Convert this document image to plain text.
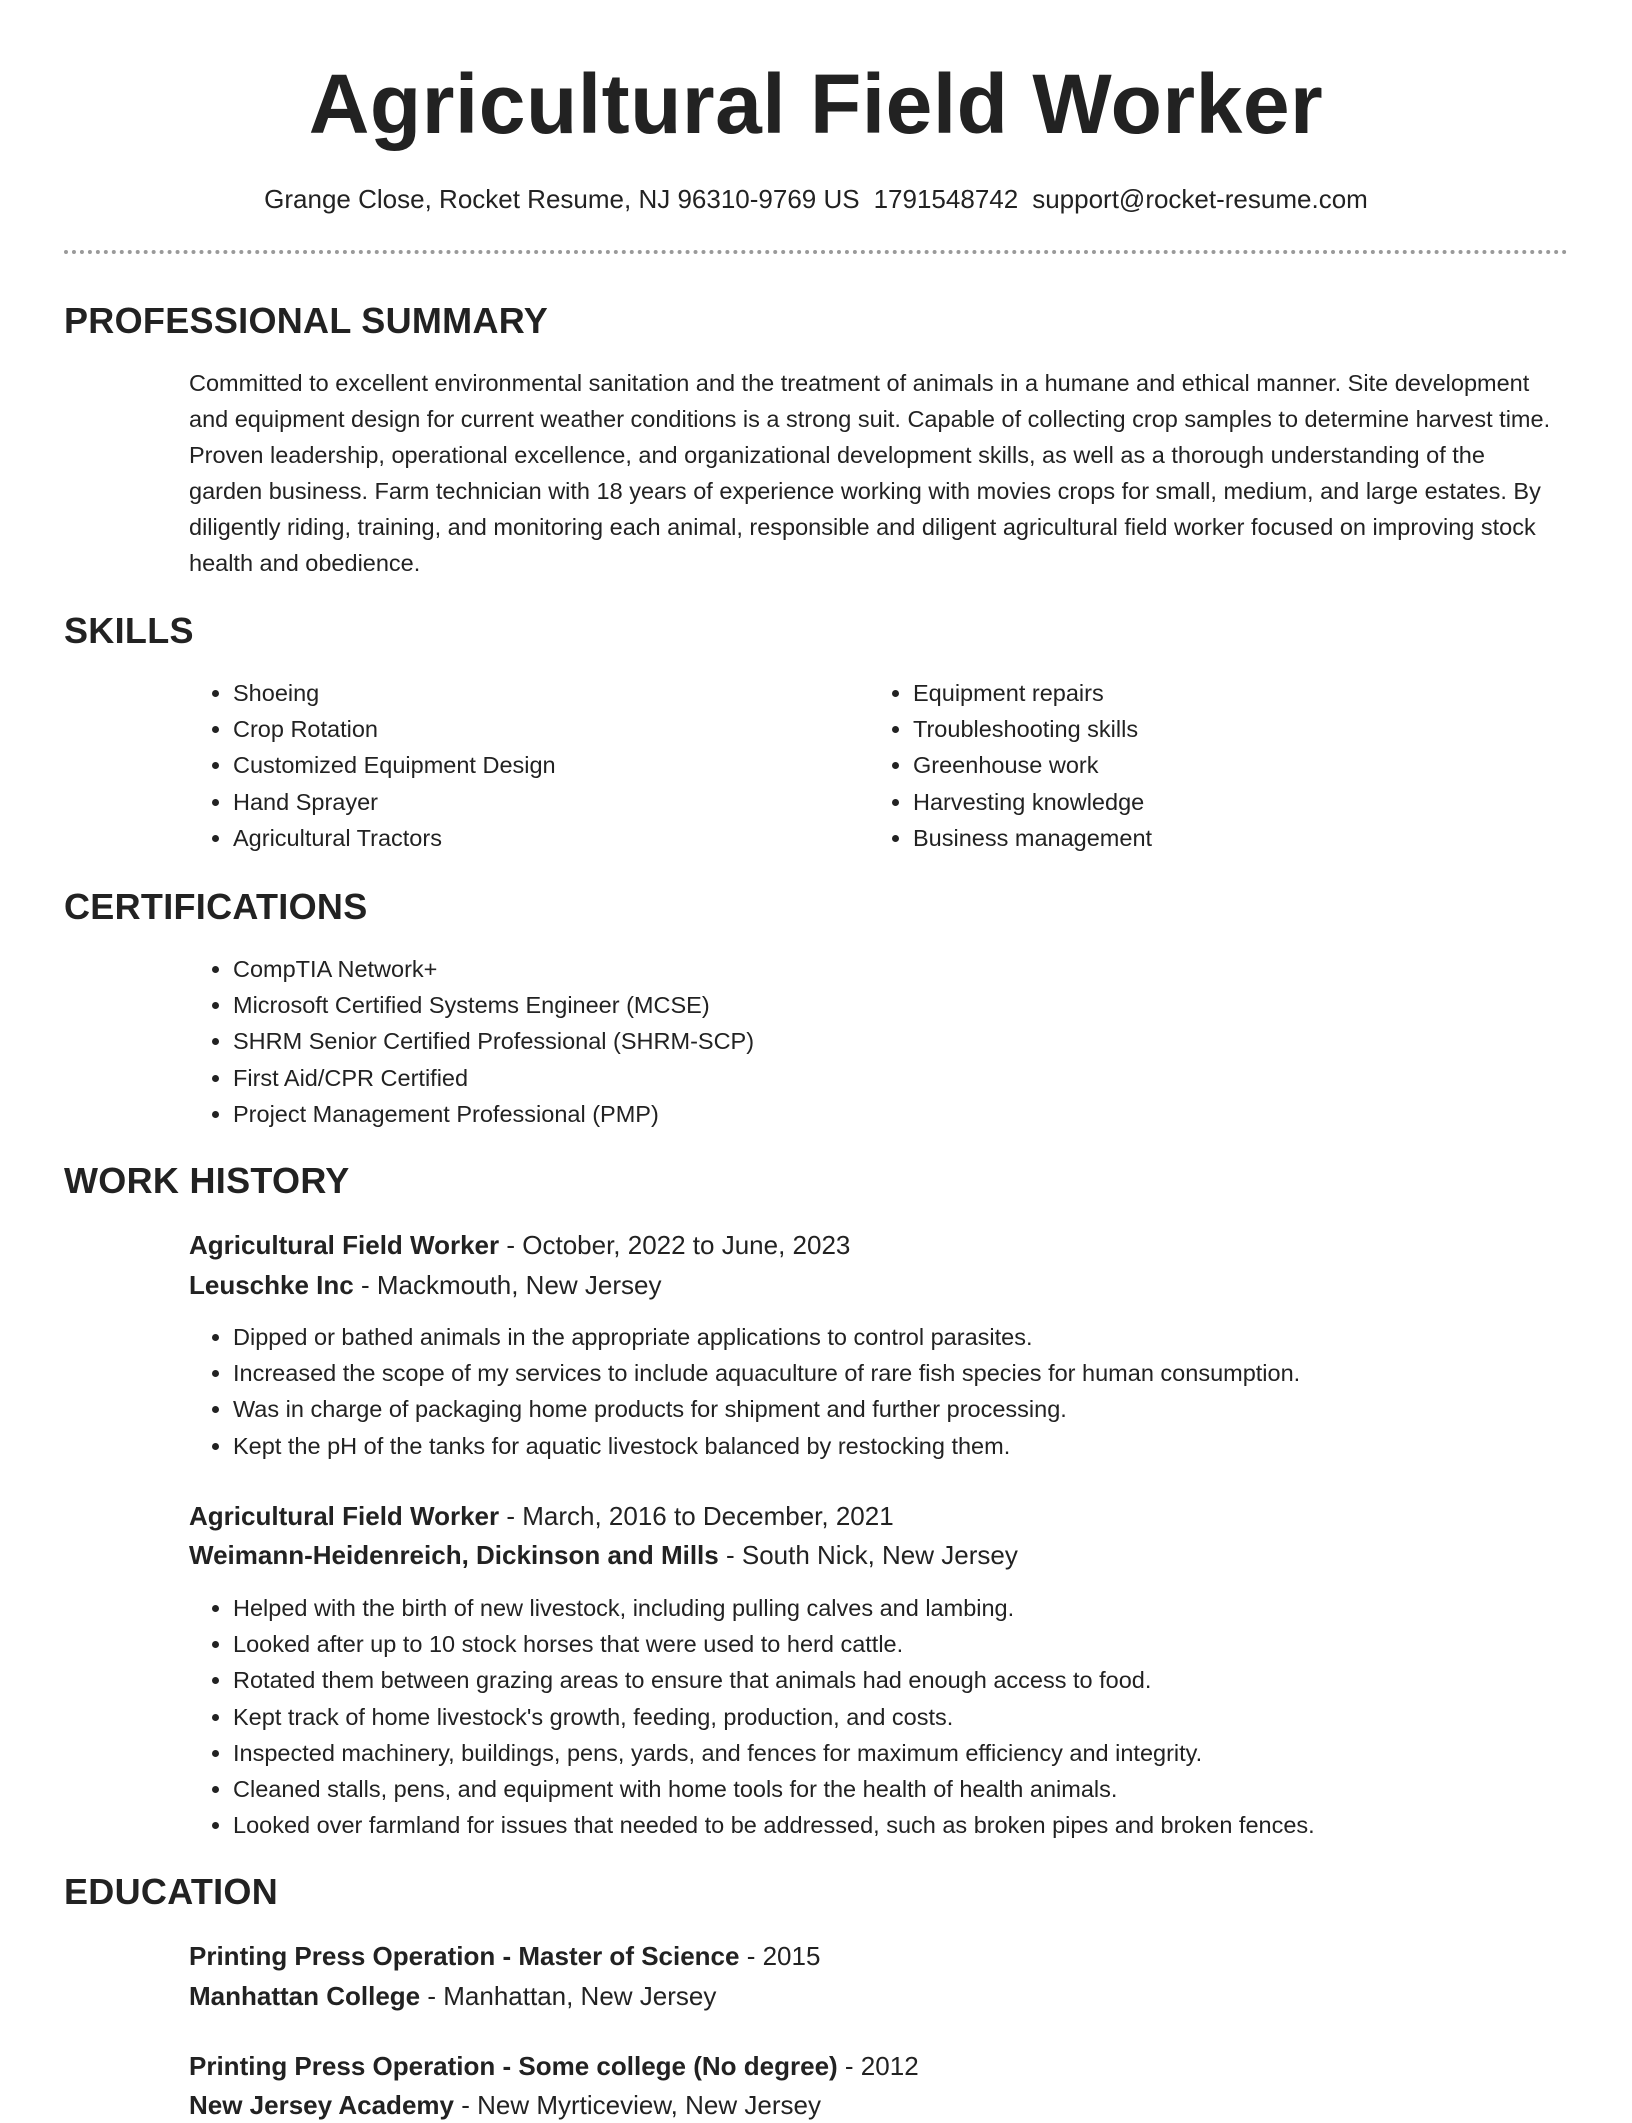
Agricultural Field Worker
Grange Close, Rocket Resume, NJ 96310-9769 US 1791548742 support@rocket-resume.com
PROFESSIONAL SUMMARY

Committed to excellent environmental sanitation and the treatment of animals in a humane and ethical manner. Site development and equipment design for current weather conditions is a strong suit. Capable of collecting crop samples to determine harvest time. Proven leadership, operational excellence, and organizational development skills, as well as a thorough understanding of the garden business. Farm technician with 18 years of experience working with movies crops for small, medium, and large estates. By diligently riding, training, and monitoring each animal, responsible and diligent agricultural field worker focused on improving stock health and obedience.

SKILLS
• Shoeing
• Crop Rotation
• Customized Equipment Design
• Hand Sprayer
• Agricultural Tractors
• Equipment repairs
• Troubleshooting skills
• Greenhouse work
• Harvesting knowledge
• Business management
CERTIFICATIONS
• CompTIA Network+
• Microsoft Certified Systems Engineer (MCSE)
• SHRM Senior Certified Professional (SHRM-SCP)
• First Aid/CPR Certified
• Project Management Professional (PMP)
WORK HISTORY
Agricultural Field Worker - October, 2022 to June, 2023
Leuschke Inc - Mackmouth, New Jersey
• Dipped or bathed animals in the appropriate applications to control parasites.
• Increased the scope of my services to include aquaculture of rare fish species for human consumption.
• Was in charge of packaging home products for shipment and further processing.
• Kept the pH of the tanks for aquatic livestock balanced by restocking them.
Agricultural Field Worker - March, 2016 to December, 2021
Weimann-Heidenreich, Dickinson and Mills - South Nick, New Jersey
• Helped with the birth of new livestock, including pulling calves and lambing.
• Looked after up to 10 stock horses that were used to herd cattle.
• Rotated them between grazing areas to ensure that animals had enough access to food.
• Kept track of home livestock's growth, feeding, production, and costs.
• Inspected machinery, buildings, pens, yards, and fences for maximum efficiency and integrity.
• Cleaned stalls, pens, and equipment with home tools for the health of health animals.
• Looked over farmland for issues that needed to be addressed, such as broken pipes and broken fences.
EDUCATION
Printing Press Operation - Master of Science - 2015
Manhattan College - Manhattan, New Jersey
Printing Press Operation - Some college (No degree) - 2012
New Jersey Academy - New Myrticeview, New Jersey
